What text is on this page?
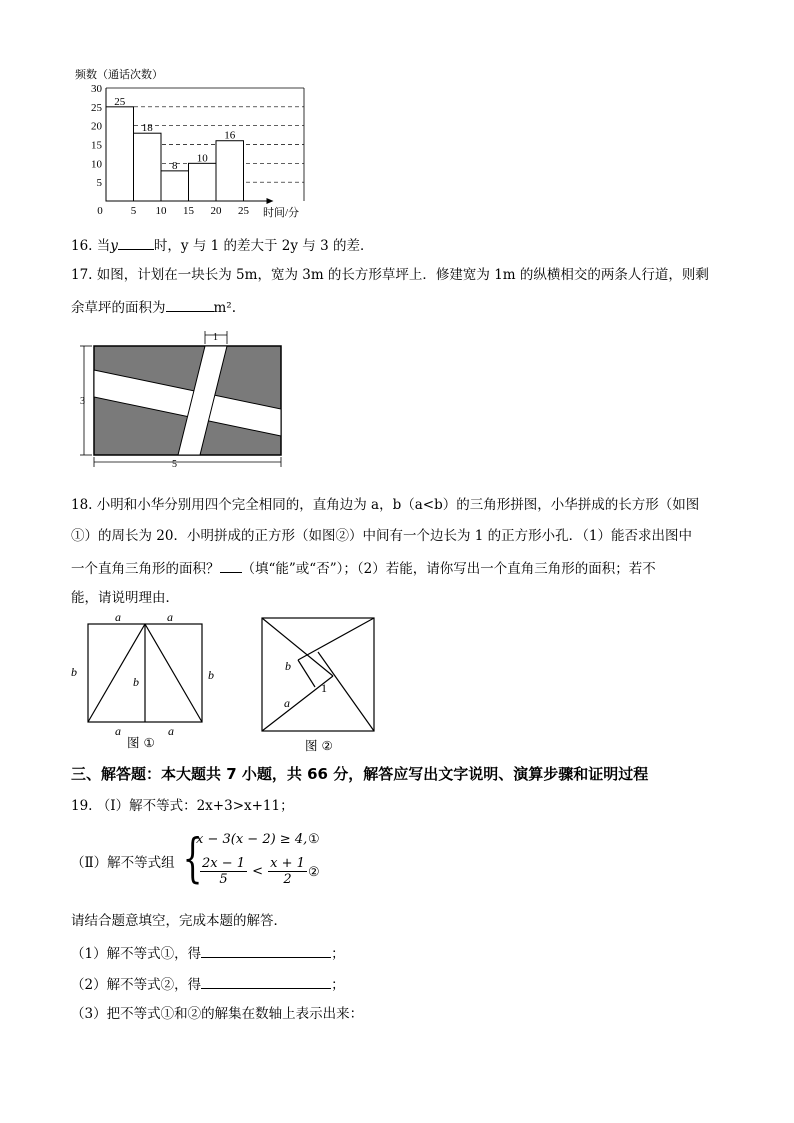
频数（通话次数）
5
10
15
20
25
30
0	5 10 15 20 25
25
18
8
10
16
时间/分
16. 当y	时，y 与 1 的差大于 2y 与 3 的差．
17. 如图，计划在一块长为 5m，宽为 3m 的长方形草坪上．修建宽为 1m 的纵横相交的两条人行道，则剩
余草坪的面积为	m².
1
3
5
18. 小明和小华分别用四个完全相同的，直角边为 a，b（a<b）的三角形拼图，小华拼成的长方形（如图
①）的周长为 20．小明拼成的正方形（如图②）中间有一个边长为 1 的正方形小孔．（1）能否求出图中
一个直角三角形的面积？ （填“能”或“否”）；（2）若能，请你写出一个直角三角形的面积；若不
能，请说明理由．
a	a
b
b	b
a	a
图 ①
b
a
1
图 ②
三、解答题：本大题共 7 小题，共 66 分，解答应写出文字说明、演算步骤和证明过程
19. （Ⅰ）解不等式：2x+3>x+11；
（Ⅱ）解不等式组 {
x − 3(x − 2) ≥ 4, ①
$\frac{2x - 1}{5} < \frac{x + 1}{2}$ ②
请结合题意填空，完成本题的解答．
（1）解不等式①，得	；
（2）解不等式②，得	；
（3）把不等式①和②的解集在数轴上表示出来：
